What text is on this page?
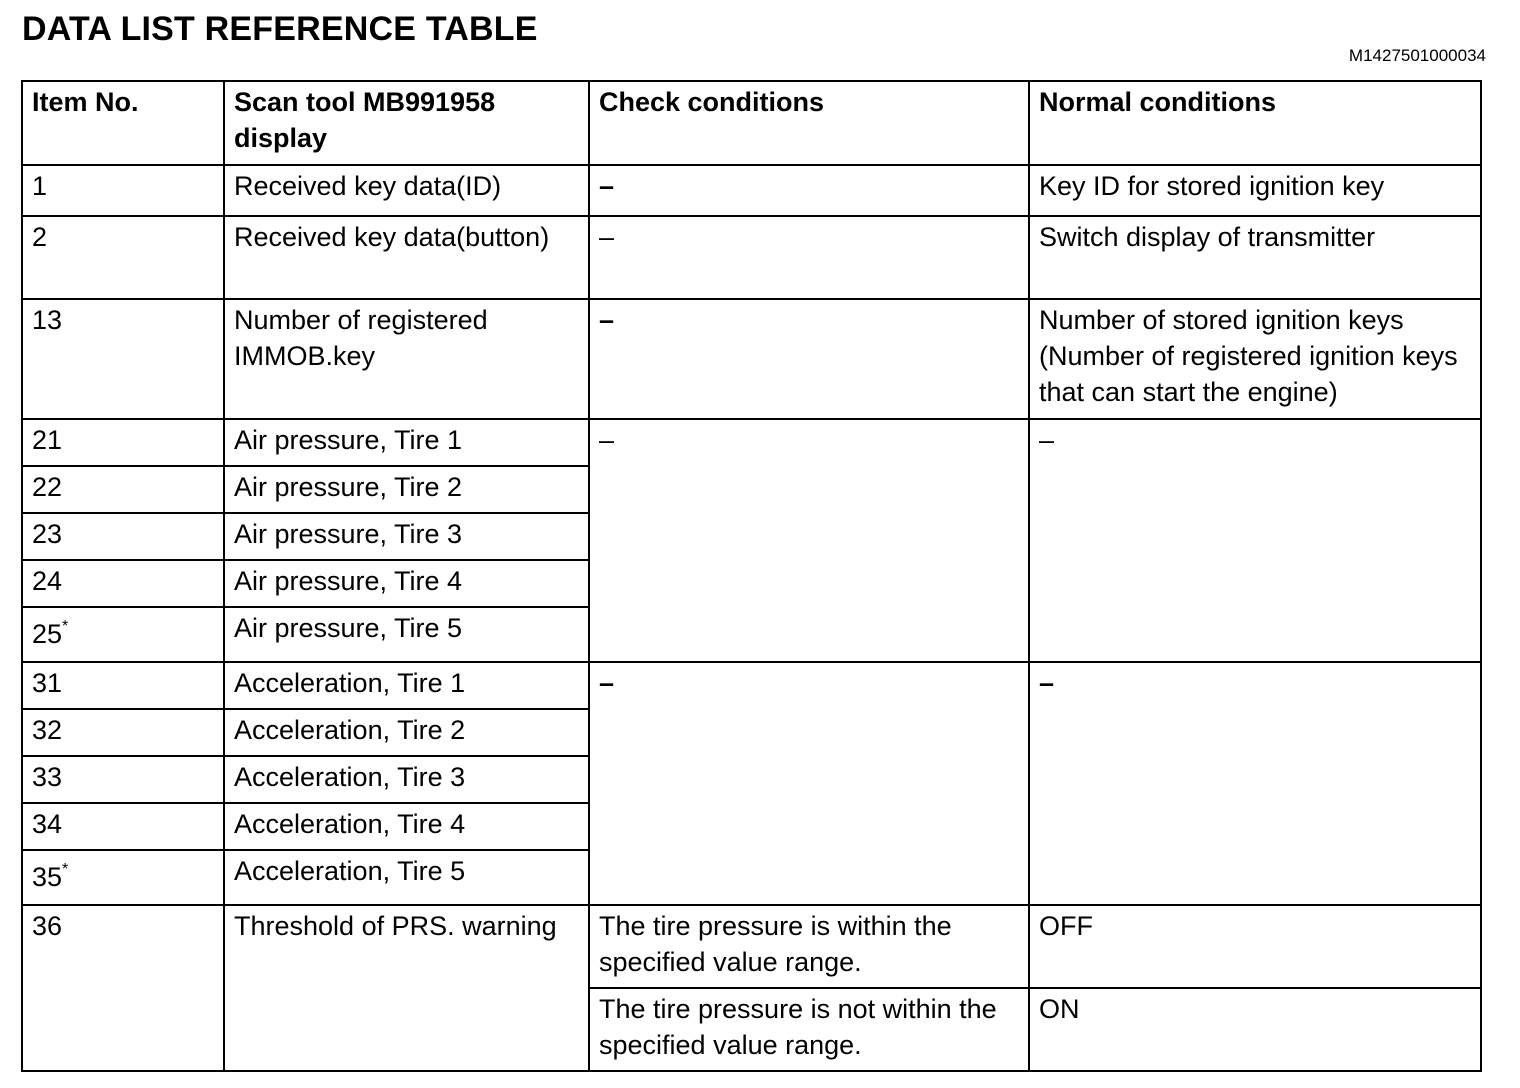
DATA LIST REFERENCE TABLE
M1427501000034
Item No.	Scan tool MB991958 display	Check conditions	Normal conditions
1	Received key data(ID)	–	Key ID for stored ignition key
2	Received key data(button)	–	Switch display of transmitter
13	Number of registered IMMOB.key	–	Number of stored ignition keys (Number of registered ignition keys that can start the engine)
21	Air pressure, Tire 1	–	–
22	Air pressure, Tire 2		
23	Air pressure, Tire 3		
24	Air pressure, Tire 4		
25*	Air pressure, Tire 5		
31	Acceleration, Tire 1	–	–
32	Acceleration, Tire 2		
33	Acceleration, Tire 3		
34	Acceleration, Tire 4		
35*	Acceleration, Tire 5		
36	Threshold of PRS. warning	The tire pressure is within the specified value range.	OFF
		The tire pressure is not within the specified value range.	ON
